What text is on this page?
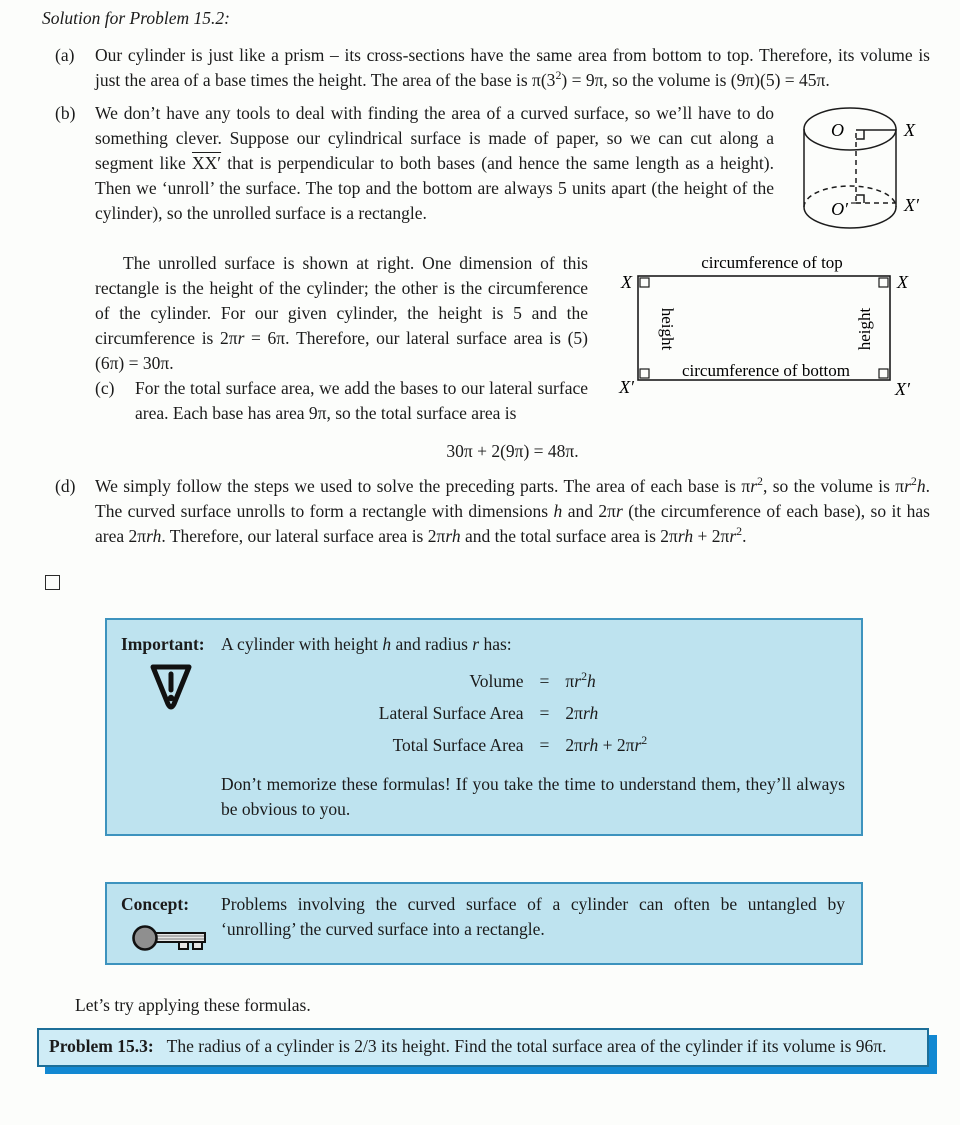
Solution for Problem 15.2:
(a)	Our cylinder is just like a prism – its cross-sections have the same area from bottom to top. Therefore, its volume is just the area of a base times the height. The area of the base is $\pi(3^2) = 9\pi$, so the volume is (9π)(5) = 45π.
(b)
O	X
O′	X′
We don’t have any tools to deal with finding the area of a curved surface, so we’ll have to do something clever. Suppose our cylindrical surface is made of paper, so we can cut along a segment like XX′ that is perpendicular to both bases (and hence the same length as a height). Then we ‘unroll’ the surface. The top and the bottom are always 5 units apart (the height of the cylinder), so the unrolled surface is a rectangle.
circumference of top
height	height
circumference of bottom
X	X
X′	X′

The unrolled surface is shown at right. One dimension of this rectangle is the height of the cylinder; the other is the circumference of the cylinder. For our given cylinder, the height is 5 and the circumference is 2πr = 6π. Therefore, our lateral surface area is (5)(6π) = 30π.

(c)	For the total surface area, we add the bases to our lateral surface area. Each base has area 9π, so the total surface area is
30π + 2(9π) = 48π.
(d)	We simply follow the steps we used to solve the preceding parts. The area of each base is $\pi r^2$, so the volume is $\pi r^2h$. The curved surface unrolls to form a rectangle with dimensions h and 2πr (the circumference of each base), so it has area 2πrh. Therefore, our lateral surface area is 2πrh and the total surface area is $2\pi rh + 2\pi r^2$.
Important: A cylinder with height h and radius r has:
Volume = $\pi r^2h$
Lateral Surface Area = 2πrh
Total Surface Area = $2\pi rh + 2\pi r^2$
Don’t memorize these formulas! If you take the time to understand them, they’ll always be obvious to you.
Concept:	Problems involving the curved surface of a cylinder can often be untangled by ‘unrolling’ the curved surface into a rectangle.

Let’s try applying these formulas.

Problem 15.3: The radius of a cylinder is 2/3 its height. Find the total surface area of the cylinder if its volume is 96π.
